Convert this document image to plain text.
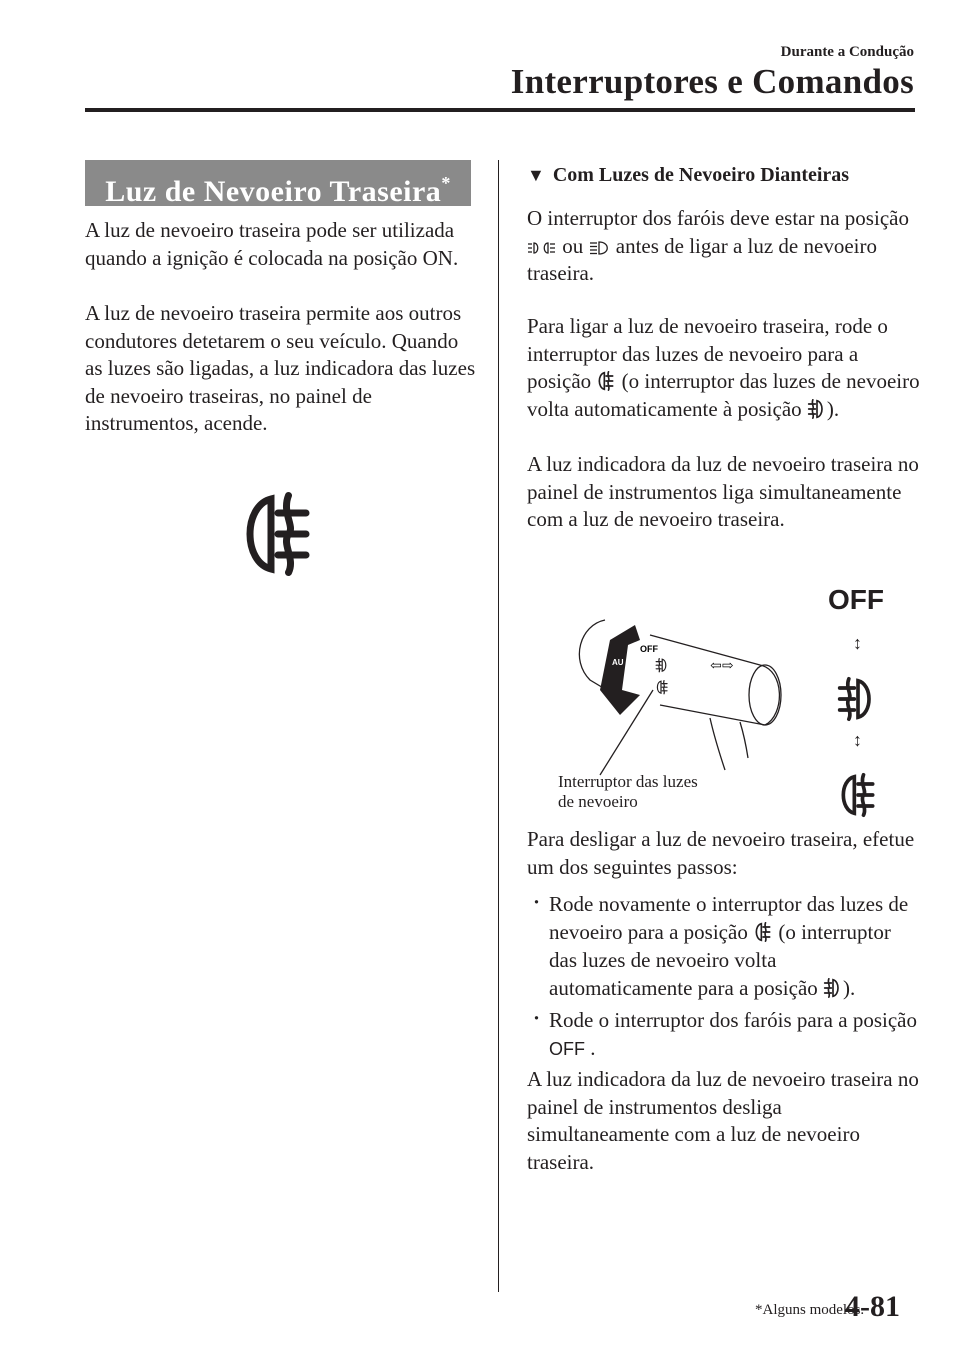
Durante a Condução
Interruptores e Comandos
Luz de Nevoeiro Traseira*
A luz de nevoeiro traseira pode ser utilizada quando a ignição é colocada na posição ON.
A luz de nevoeiro traseira permite aos outros condutores detetarem o seu veículo. Quando as luzes são ligadas, a luz indicadora das luzes de nevoeiro traseiras, no painel de instrumentos, acende.
▼ Com Luzes de Nevoeiro Dianteiras
O interruptor dos faróis deve estar na posição  ou antes de ligar a luz de nevoeiro traseira.
Para ligar a luz de nevoeiro traseira, rode o interruptor das luzes de nevoeiro para a posição (o interruptor das luzes de nevoeiro volta automaticamente à posição ).
A luz indicadora da luz de nevoeiro traseira no painel de instrumentos liga simultaneamente com a luz de nevoeiro traseira.
OFF
OFF
AU	⇦⇨
↕
↕
Interruptor das luzes
de nevoeiro
Para desligar a luz de nevoeiro traseira, efetue um dos seguintes passos:
· Rode novamente o interruptor das luzes de nevoeiro para a posição (o interruptor das luzes de nevoeiro volta automaticamente para a posição ).
· Rode o interruptor dos faróis para a posição OFF .
A luz indicadora da luz de nevoeiro traseira no painel de instrumentos desliga simultaneamente com a luz de nevoeiro traseira.
*Alguns modelos.
4-81
